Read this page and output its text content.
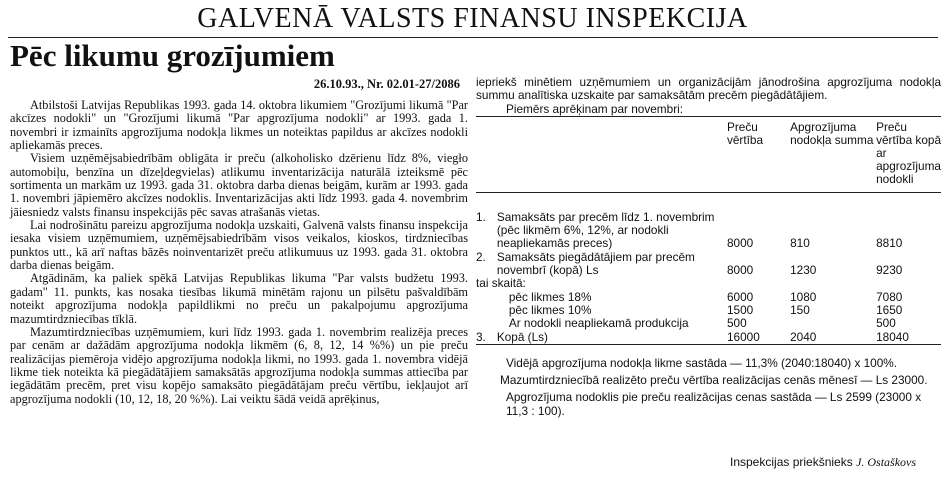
GALVENĀ VALSTS FINANSU INSPEKCIJA
Pēc likumu grozījumiem
26.10.93., Nr. 02.01-27/2086

Atbilstoši Latvijas Republikas 1993. gada 14. oktobra likumiem "Grozījumi likumā "Par akcīzes nodokli" un "Grozījumi likumā "Par apgrozījuma nodokli" ar 1993. gada 1. novembri ir izmainīts apgrozījuma nodokļa likmes un noteiktas papildus ar akcīzes nodokli apliekamās preces.

Visiem uzņēmējsabiedrībām obligāta ir preču (alkoholisko dzērienu līdz 8%, viegło automobiļu, benzīna un dīzeļdegvielas) atlikumu inventarizācija naturālā izteiksmē pēc sortimenta un markām uz 1993. gada 31. oktobra darba dienas beigām, kurām ar 1993. gada 1. novembri jāpiemēro akcīzes nodoklis. Inventarizācijas akti līdz 1993. gada 4. novembrim jāiesniedz valsts finansu inspekcijās pēc savas atrašanās vietas.

Lai nodrošinātu pareizu apgrozījuma nodokļa uzskaiti, Galvenā valsts finansu inspekcija iesaka visiem uzņēmumiem, uzņēmējsabiedrībām visos veikalos, kioskos, tirdzniecības punktos utt., kā arī naftas bāzēs noinventarizēt preču atlikumuus uz 1993. gada 31. oktobra darba dienas beigām.

Atgādinām, ka paliek spēkā Latvijas Republikas likuma "Par valsts budžetu 1993. gadam" 11. punkts, kas nosaka tiesības likumā minētām rajonu un pilsētu pašvaldībām noteikt apgrozījuma nodokļa papildlikmi no preču un pakalpojumu apgrozījuma mazumtirdzniecības tīklā.

Mazumtirdzniecības uzņēmumiem, kuri līdz 1993. gada 1. novembrim realizēja preces par cenām ar dažādām apgrozījuma nodokļa likmēm (6, 8, 12, 14 %%) un pie preču realizācijas piemēroja vidējo apgrozījuma nodokļa likmi, no 1993. gada 1. novembra vidējā likme tiek noteikta kā piegādātājiem samaksātās apgrozījuma nodokļa summas attiecība par iegādātām precēm, pret visu kopējo samaksāto piegādātājam preču vērtību, iekļaujot arī apgrozījuma nodokli (10, 12, 18, 20 %%). Lai veiktu šādā veidā aprēķinus,

iepriekš minētiem uzņēmumiem un organizācijām jānodrošina apgrozījuma nodokļa summu analītiska uzskaite par samaksātām precēm piegādātājiem.

Piemērs aprēķinam par novembri:

		Preču vērtība	Apgrozījuma nodokļa summa	Preču vērtība kopā ar apgrozījuma nodokli

1.	Samaksāts par precēm līdz 1. novembrim (pēc likmēm 6%, 12%, ar nodokli neapliekamās preces)	8000	810	8810
2.	Samaksāts piegādātājiem par precēm novembrī (kopā) Ls	8000	1230	9230
tai skaitā:				
	pēc likmes 18%	6000	1080	7080
	pēc likmes 10%	1500	150	1650
	Ar nodokli neapliekamā produkcija	500		500
3.	Kopā (Ls)	16000	2040	18040

Vidējā apgrozījuma nodokļa likme sastāda — 11,3% (2040:18040) x 100%.

Mazumtirdzniecībā realizēto preču vērtība realizācijas cenās mēnesī — Ls 23000.

Apgrozījuma nodoklis pie preču realizācijas cenas sastāda — Ls 2599 (23000 x 11,3 : 100).

Inspekcijas priekšnieks J. Ostaškovs
